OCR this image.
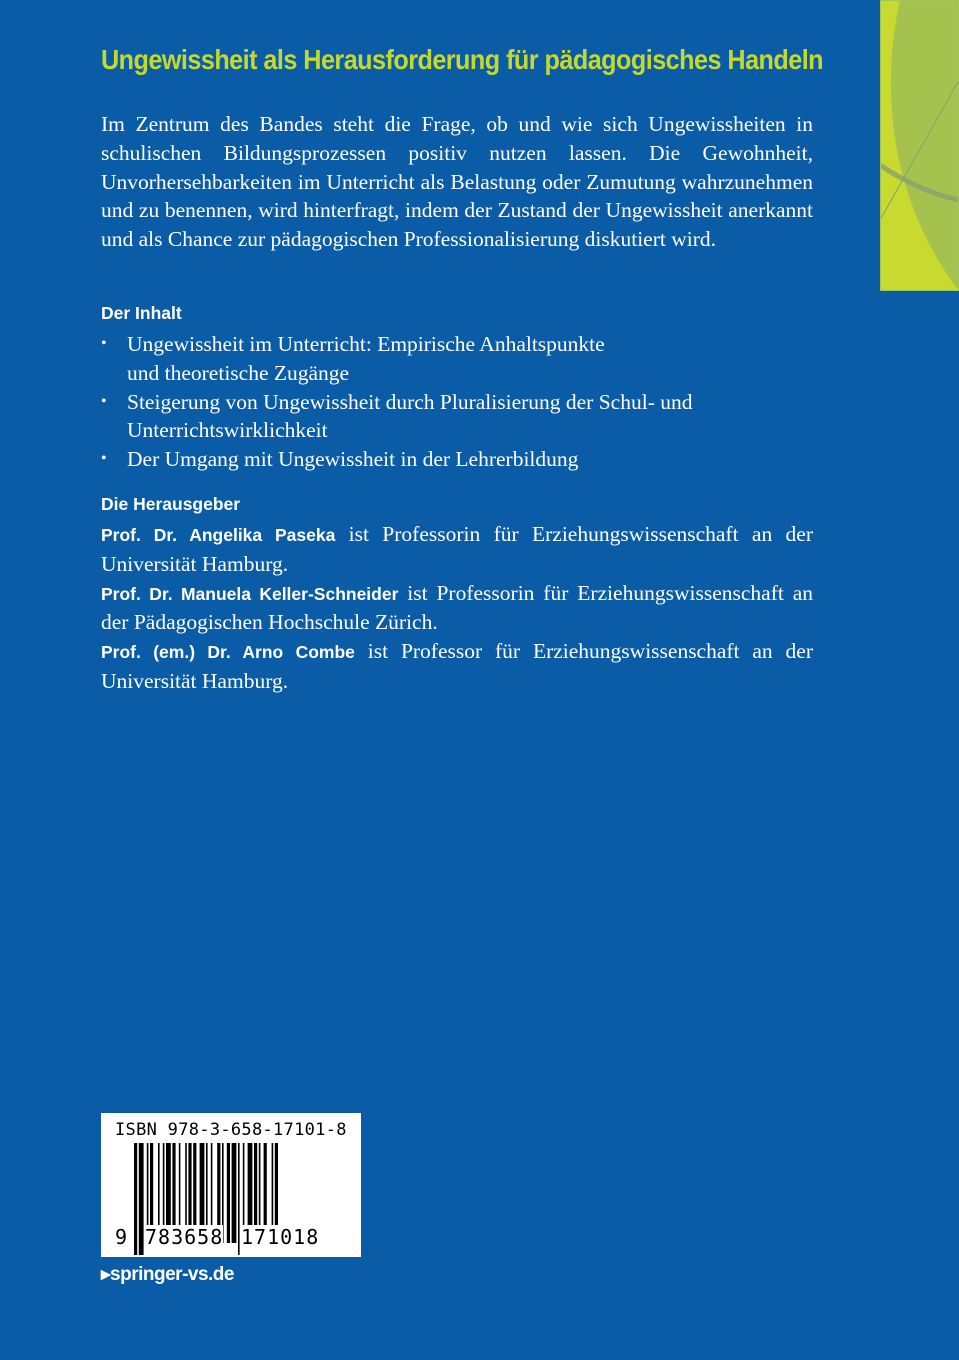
Ungewissheit als Herausforderung für pädagogisches Handeln
Im Zentrum des Bandes steht die Frage, ob und wie sich Ungewissheiten in schulischen Bildungsprozessen positiv nutzen lassen. Die Gewohnheit, Unvorhersehbarkeiten im Unterricht als Belastung oder Zumutung wahrzunehmen und zu benennen, wird hinterfragt, indem der Zustand der Ungewissheit anerkannt und als Chance zur pädagogischen Professionalisierung diskutiert wird.
Der Inhalt
• Ungewissheit im Unterricht: Empirische Anhaltspunkte
und theoretische Zugänge
• Steigerung von Ungewissheit durch Pluralisierung der Schul- und
Unterrichtswirklichkeit
• Der Umgang mit Ungewissheit in der Lehrerbildung
Die Herausgeber

Prof. Dr. Angelika Paseka ist Professorin für Erziehungswissenschaft an der Universität Hamburg.

Prof. Dr. Manuela Keller-Schneider ist Professorin für Erziehungswissenschaft an der Pädagogischen Hochschule Zürich.

Prof. (em.) Dr. Arno Combe ist Professor für Erziehungswissenschaft an der Universität Hamburg.

ISBN 978-3-658-17101-8
9 783658 171018
▸springer-vs.de
